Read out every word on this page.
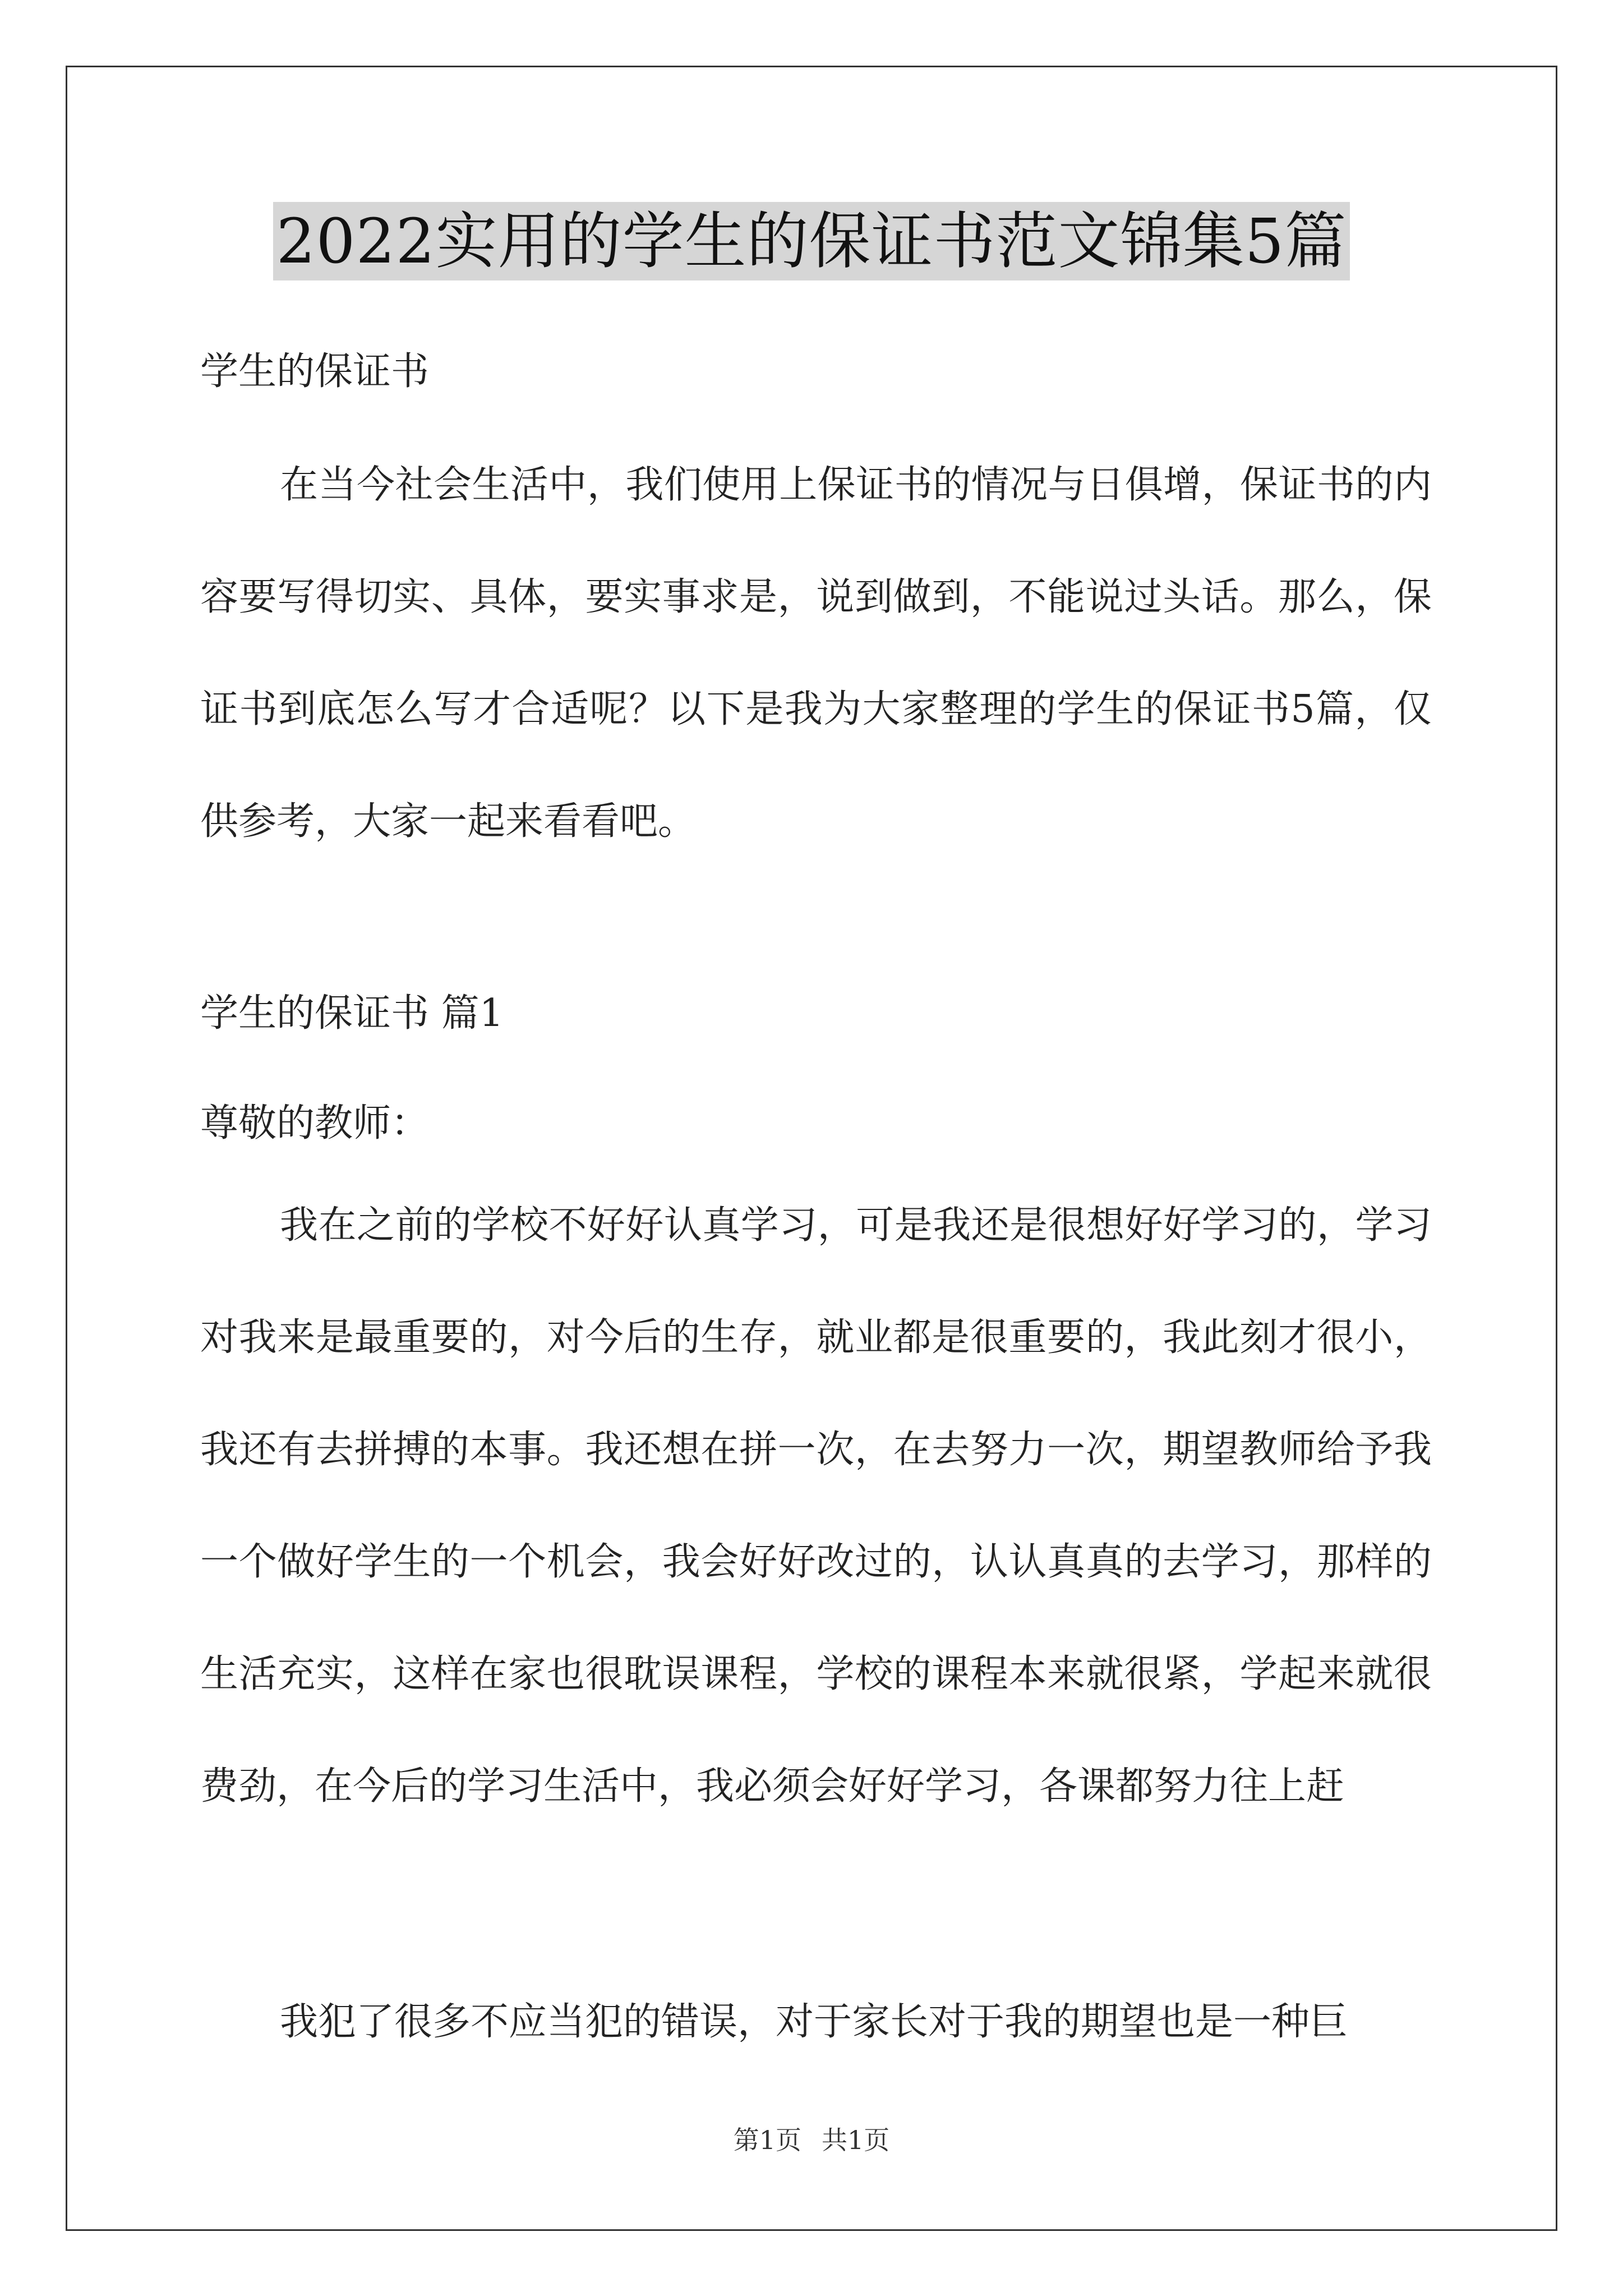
2022实用的学生的保证书范文锦集5篇
学生的保证书

在当今社会生活中，我们使用上保证书的情况与日俱增，保证书的内容要写得切实、具体，要实事求是，说到做到，不能说过头话。那么，保证书到底怎么写才合适呢？以下是我为大家整理的学生的保证书5篇，仅供参考，大家一起来看看吧。

学生的保证书 篇1
尊敬的教师：

我在之前的学校不好好认真学习，可是我还是很想好好学习的，学习对我来是最重要的，对今后的生存，就业都是很重要的，我此刻才很小，我还有去拼搏的本事。我还想在拼一次，在去努力一次，期望教师给予我一个做好学生的一个机会，我会好好改过的，认认真真的去学习，那样的生活充实，这样在家也很耽误课程，学校的课程本来就很紧，学起来就很费劲，在今后的学习生活中，我必须会好好学习，各课都努力往上赶

我犯了很多不应当犯的错误，对于家长对于我的期望也是一种巨

第1页 共1页
